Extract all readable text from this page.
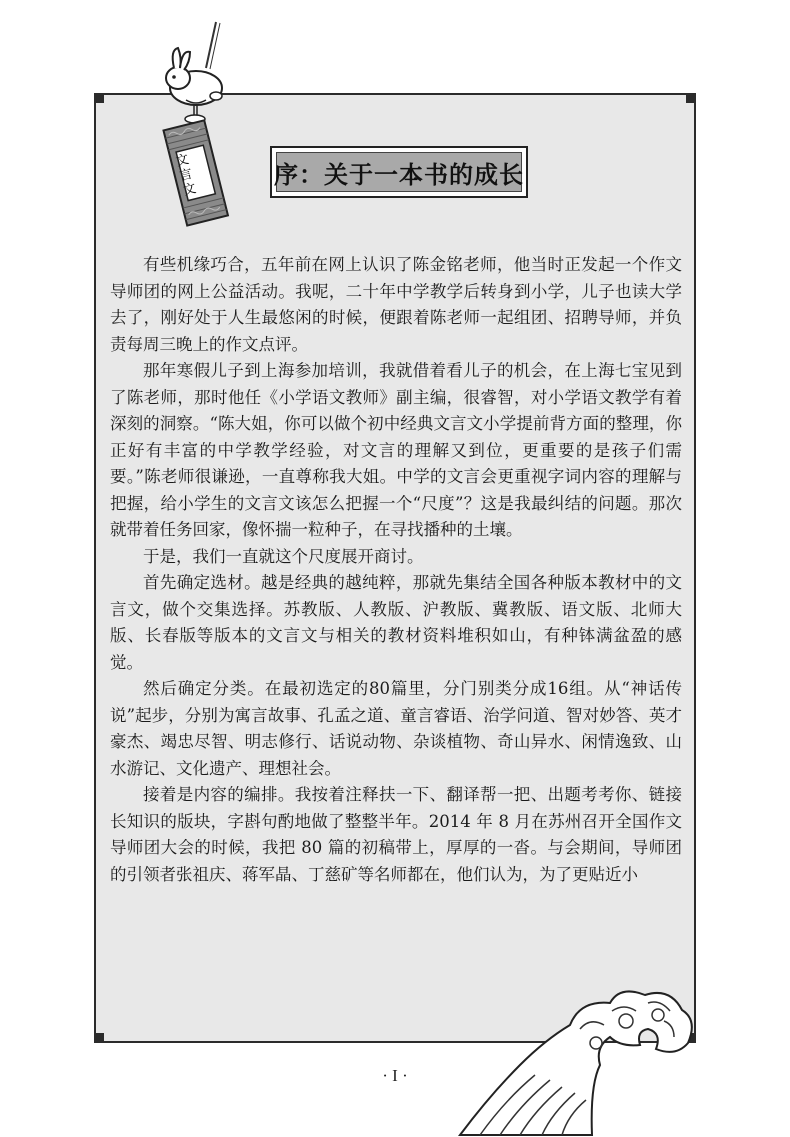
文言文
序：关于一本书的成长

有些机缘巧合，五年前在网上认识了陈金铭老师，他当时正发起一个作文导师团的网上公益活动。我呢，二十年中学教学后转身到小学，儿子也读大学去了，刚好处于人生最悠闲的时候，便跟着陈老师一起组团、招聘导师，并负责每周三晚上的作文点评。

那年寒假儿子到上海参加培训，我就借着看儿子的机会，在上海七宝见到了陈老师，那时他任《小学语文教师》副主编，很睿智，对小学语文教学有着深刻的洞察。“陈大姐，你可以做个初中经典文言文小学提前背方面的整理，你正好有丰富的中学教学经验，对文言的理解又到位，更重要的是孩子们需要。”陈老师很谦逊，一直尊称我大姐。中学的文言会更重视字词内容的理解与把握，给小学生的文言文该怎么把握一个“尺度”？这是我最纠结的问题。那次就带着任务回家，像怀揣一粒种子，在寻找播种的土壤。

于是，我们一直就这个尺度展开商讨。

首先确定选材。越是经典的越纯粹，那就先集结全国各种版本教材中的文言文，做个交集选择。苏教版、人教版、沪教版、冀教版、语文版、北师大版、长春版等版本的文言文与相关的教材资料堆积如山，有种钵满盆盈的感觉。

然后确定分类。在最初选定的80篇里，分门别类分成16组。从“神话传说”起步，分别为寓言故事、孔孟之道、童言睿语、治学问道、智对妙答、英才豪杰、竭忠尽智、明志修行、话说动物、杂谈植物、奇山异水、闲情逸致、山水游记、文化遗产、理想社会。

接着是内容的编排。我按着注释扶一下、翻译帮一把、出题考考你、链接长知识的版块，字斟句酌地做了整整半年。2014 年 8 月在苏州召开全国作文导师团大会的时候，我把 80 篇的初稿带上，厚厚的一沓。与会期间，导师团的引领者张祖庆、蒋军晶、丁慈矿等名师都在，他们认为，为了更贴近小

· I ·
